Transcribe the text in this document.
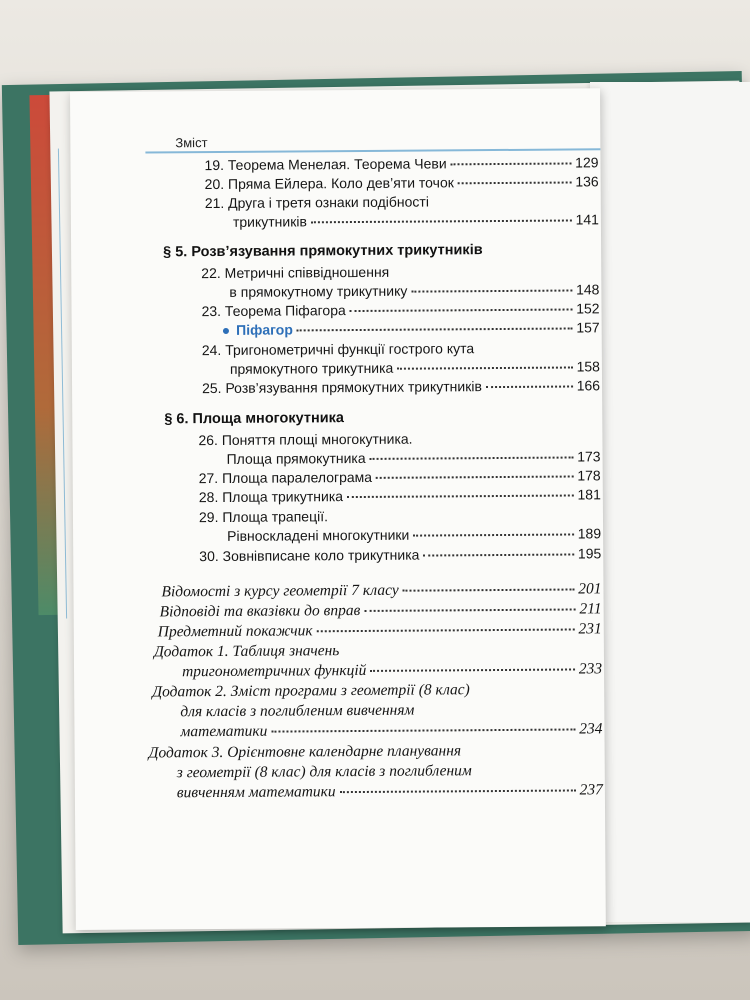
Зміст
19. Теорема Менелая. Теорема Чеви	129
20. Пряма Ейлера. Коло дев’яти точок	136
21. Друга і третя ознаки подібності
трикутників	141
§ 5. Розв’язування прямокутних трикутників
22. Метричні співвідношення
в прямокутному трикутнику	148
23. Теорема Піфагора	152
● Піфагор	157
24. Тригонометричні функції гострого кута
прямокутного трикутника	158
25. Розв’язування прямокутних трикутників	166
§ 6. Площа многокутника
26. Поняття площі многокутника.
Площа прямокутника	173
27. Площа паралелограма	178
28. Площа трикутника	181
29. Площа трапеції.
Рівноскладені многокутники	189
30. Зовнівписане коло трикутника	195
Відомості з курсу геометрії 7 класу	201
Відповіді та вказівки до вправ	211
Предметний покажчик	231
Додаток 1. Таблиця значень
тригонометричних функцій	233
Додаток 2. Зміст програми з геометрії (8 клас)
для класів з поглибленим вивченням
математики	234
Додаток 3. Орієнтовне календарне планування
з геометрії (8 клас) для класів з поглибленим
вивченням математики	237
